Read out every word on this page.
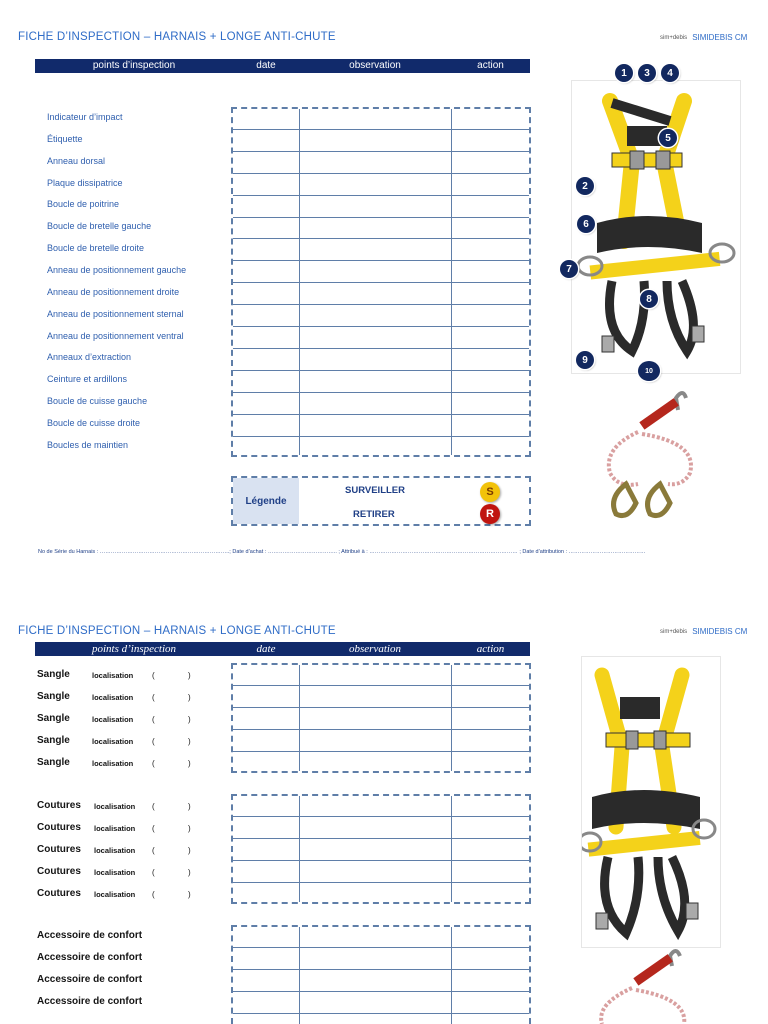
FICHE D’INSPECTION – HARNAIS + LONGE ANTI-CHUTE	sim+debis SIMIDEBIS CM
points d’inspection	date	observation	action
Indicateur d’impact
Étiquette
Anneau dorsal
Plaque dissipatrice
Boucle de poitrine
Boucle de bretelle gauche
Boucle de bretelle droite
Anneau de positionnement gauche
Anneau de positionnement droite
Anneau de positionnement sternal
Anneau de positionnement ventral
Anneaux d’extraction
Ceinture et ardillons
Boucle de cuisse gauche
Boucle de cuisse droite
Boucles de maintien
Légende
SURVEILLER
RETIRER
S
R
No de Série du Harnais : ……………………………………………………………..; Date d’achat : ……………………………….. ; Attribué à : ……………………………………………………………………… ; Date d’attribution : ……………………………………
1	3	4
5
2
6
7
8
9
10
FICHE D’INSPECTION – HARNAIS + LONGE ANTI-CHUTE	sim+debis SIMIDEBIS CM
points d’inspection	date	observation	action
Sangle	localisation (	)
Sangle	localisation (	)
Sangle	localisation (	)
Sangle	localisation (	)
Sangle	localisation (	)
Coutures localisation (	)
Coutures localisation (	)
Coutures localisation (	)
Coutures localisation (	)
Coutures localisation (	)
Accessoire de confort
Accessoire de confort
Accessoire de confort
Accessoire de confort
